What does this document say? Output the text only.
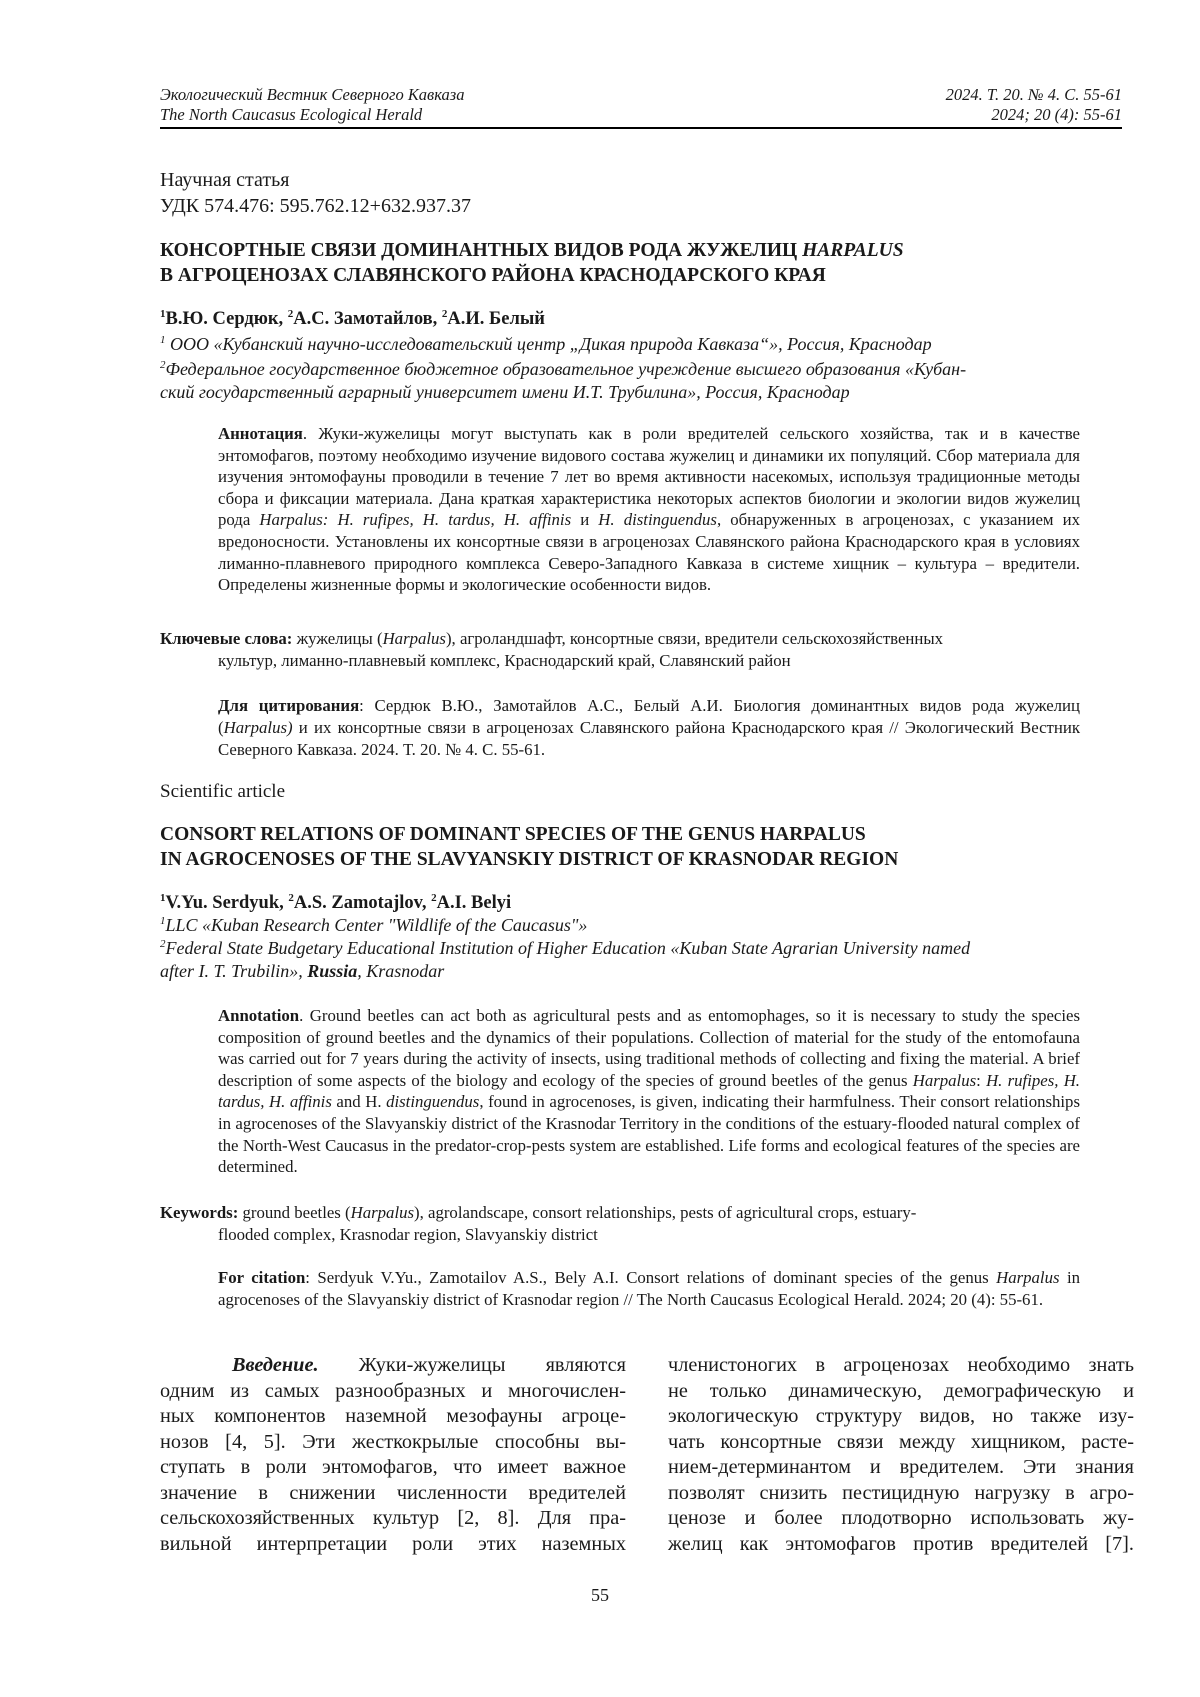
Экологический Вестник Северного Кавказа
The North Caucasus Ecological Herald
2024. Т. 20. № 4. С. 55-61
2024; 20 (4): 55-61
Научная статья
УДК 574.476: 595.762.12+632.937.37
КОНСОРТНЫЕ СВЯЗИ ДОМИНАНТНЫХ ВИДОВ РОДА ЖУЖЕЛИЦ HARPALUS
В АГРОЦЕНОЗАХ СЛАВЯНСКОГО РАЙОНА КРАСНОДАРСКОГО КРАЯ
$^1$В.Ю. Сердюк, $^2$А.С. Замотайлов, $^2$А.И. Белый
$^1$ ООО «Кубанский научно-исследовательский центр „Дикая природа Кавказа“», Россия, Краснодар
$^2$Федеральное государственное бюджетное образовательное учреждение высшего образования «Кубан-
ский государственный аграрный университет имени И.Т. Трубилина», Россия, Краснодар
Аннотация. Жуки-жужелицы могут выступать как в роли вредителей сельского хозяйства, так и в качестве энтомофагов, поэтому необходимо изучение видового состава жужелиц и динамики их популяций. Сбор материала для изучения энтомофауны проводили в течение 7 лет во время активности насекомых, используя традиционные методы сбора и фиксации материала. Дана краткая характеристика некоторых аспектов биологии и экологии видов жужелиц рода Harpalus: H. rufipes, H. tardus, H. affinis и H. distinguendus, обнаруженных в агроценозах, с указанием их вредоносности. Установлены их консортные связи в агроценозах Славянского района Краснодарского края в условиях лиманно-плавневого природного комплекса Северо-Западного Кавказа в системе хищник – культура – вредители. Определены жизненные формы и экологические особенности видов.
Ключевые слова: жужелицы (Harpalus), агроландшафт, консортные связи, вредители сельскохозяйственных
культур, лиманно-плавневый комплекс, Краснодарский край, Славянский район
Для цитирования: Сердюк В.Ю., Замотайлов А.С., Белый А.И. Биология доминантных видов рода жужелиц (Harpalus) и их консортные связи в агроценозах Славянского района Краснодарского края // Экологический Вестник Северного Кавказа. 2024. Т. 20. № 4. С. 55-61.
Scientific article
CONSORT RELATIONS OF DOMINANT SPECIES OF THE GENUS HARPALUS
IN AGROCENOSES OF THE SLAVYANSKIY DISTRICT OF KRASNODAR REGION
$^1$V.Yu. Serdyuk, $^2$A.S. Zamotajlov, $^2$A.I. Belyi
$^1$LLC «Kuban Research Center "Wildlife of the Caucasus"»
$^2$Federal State Budgetary Educational Institution of Higher Education «Kuban State Agrarian University named
after I. T. Trubilin», Russia, Krasnodar
Annotation. Ground beetles can act both as agricultural pests and as entomophages, so it is necessary to study the species composition of ground beetles and the dynamics of their populations. Collection of material for the study of the entomofauna was carried out for 7 years during the activity of insects, using traditional methods of collecting and fixing the material. A brief description of some aspects of the biology and ecology of the species of ground beetles of the genus Harpalus: H. rufipes, H. tardus, H. affinis and H. distinguendus, found in agrocenoses, is given, indicating their harmfulness. Their consort relationships in agrocenoses of the Slavyanskiy district of the Krasnodar Territory in the conditions of the estuary-flooded natural complex of the North-West Caucasus in the predator-crop-pests system are established. Life forms and ecological features of the species are determined.
Keywords: ground beetles (Harpalus), agrolandscape, consort relationships, pests of agricultural crops, estuary-
flooded complex, Krasnodar region, Slavyanskiy district
For citation: Serdyuk V.Yu., Zamotailov A.S., Bely A.I. Consort relations of dominant species of the genus Harpalus in agrocenoses of the Slavyanskiy district of Krasnodar region // The North Caucasus Ecological Herald. 2024; 20 (4): 55-61.
Введение. Жуки-жужелицы являются
одним из самых разнообразных и многочислен-
ных компонентов наземной мезофауны агроце-
нозов [4, 5]. Эти жесткокрылые способны вы-
ступать в роли энтомофагов, что имеет важное
значение в снижении численности вредителей
сельскохозяйственных культур [2, 8]. Для пра-
вильной интерпретации роли этих наземных
членистоногих в агроценозах необходимо знать
не только динамическую, демографическую и
экологическую структуру видов, но также изу-
чать консортные связи между хищником, расте-
нием-детерминантом и вредителем. Эти знания
позволят снизить пестицидную нагрузку в агро-
ценозе и более плодотворно использовать жу-
желиц как энтомофагов против вредителей [7].
55
